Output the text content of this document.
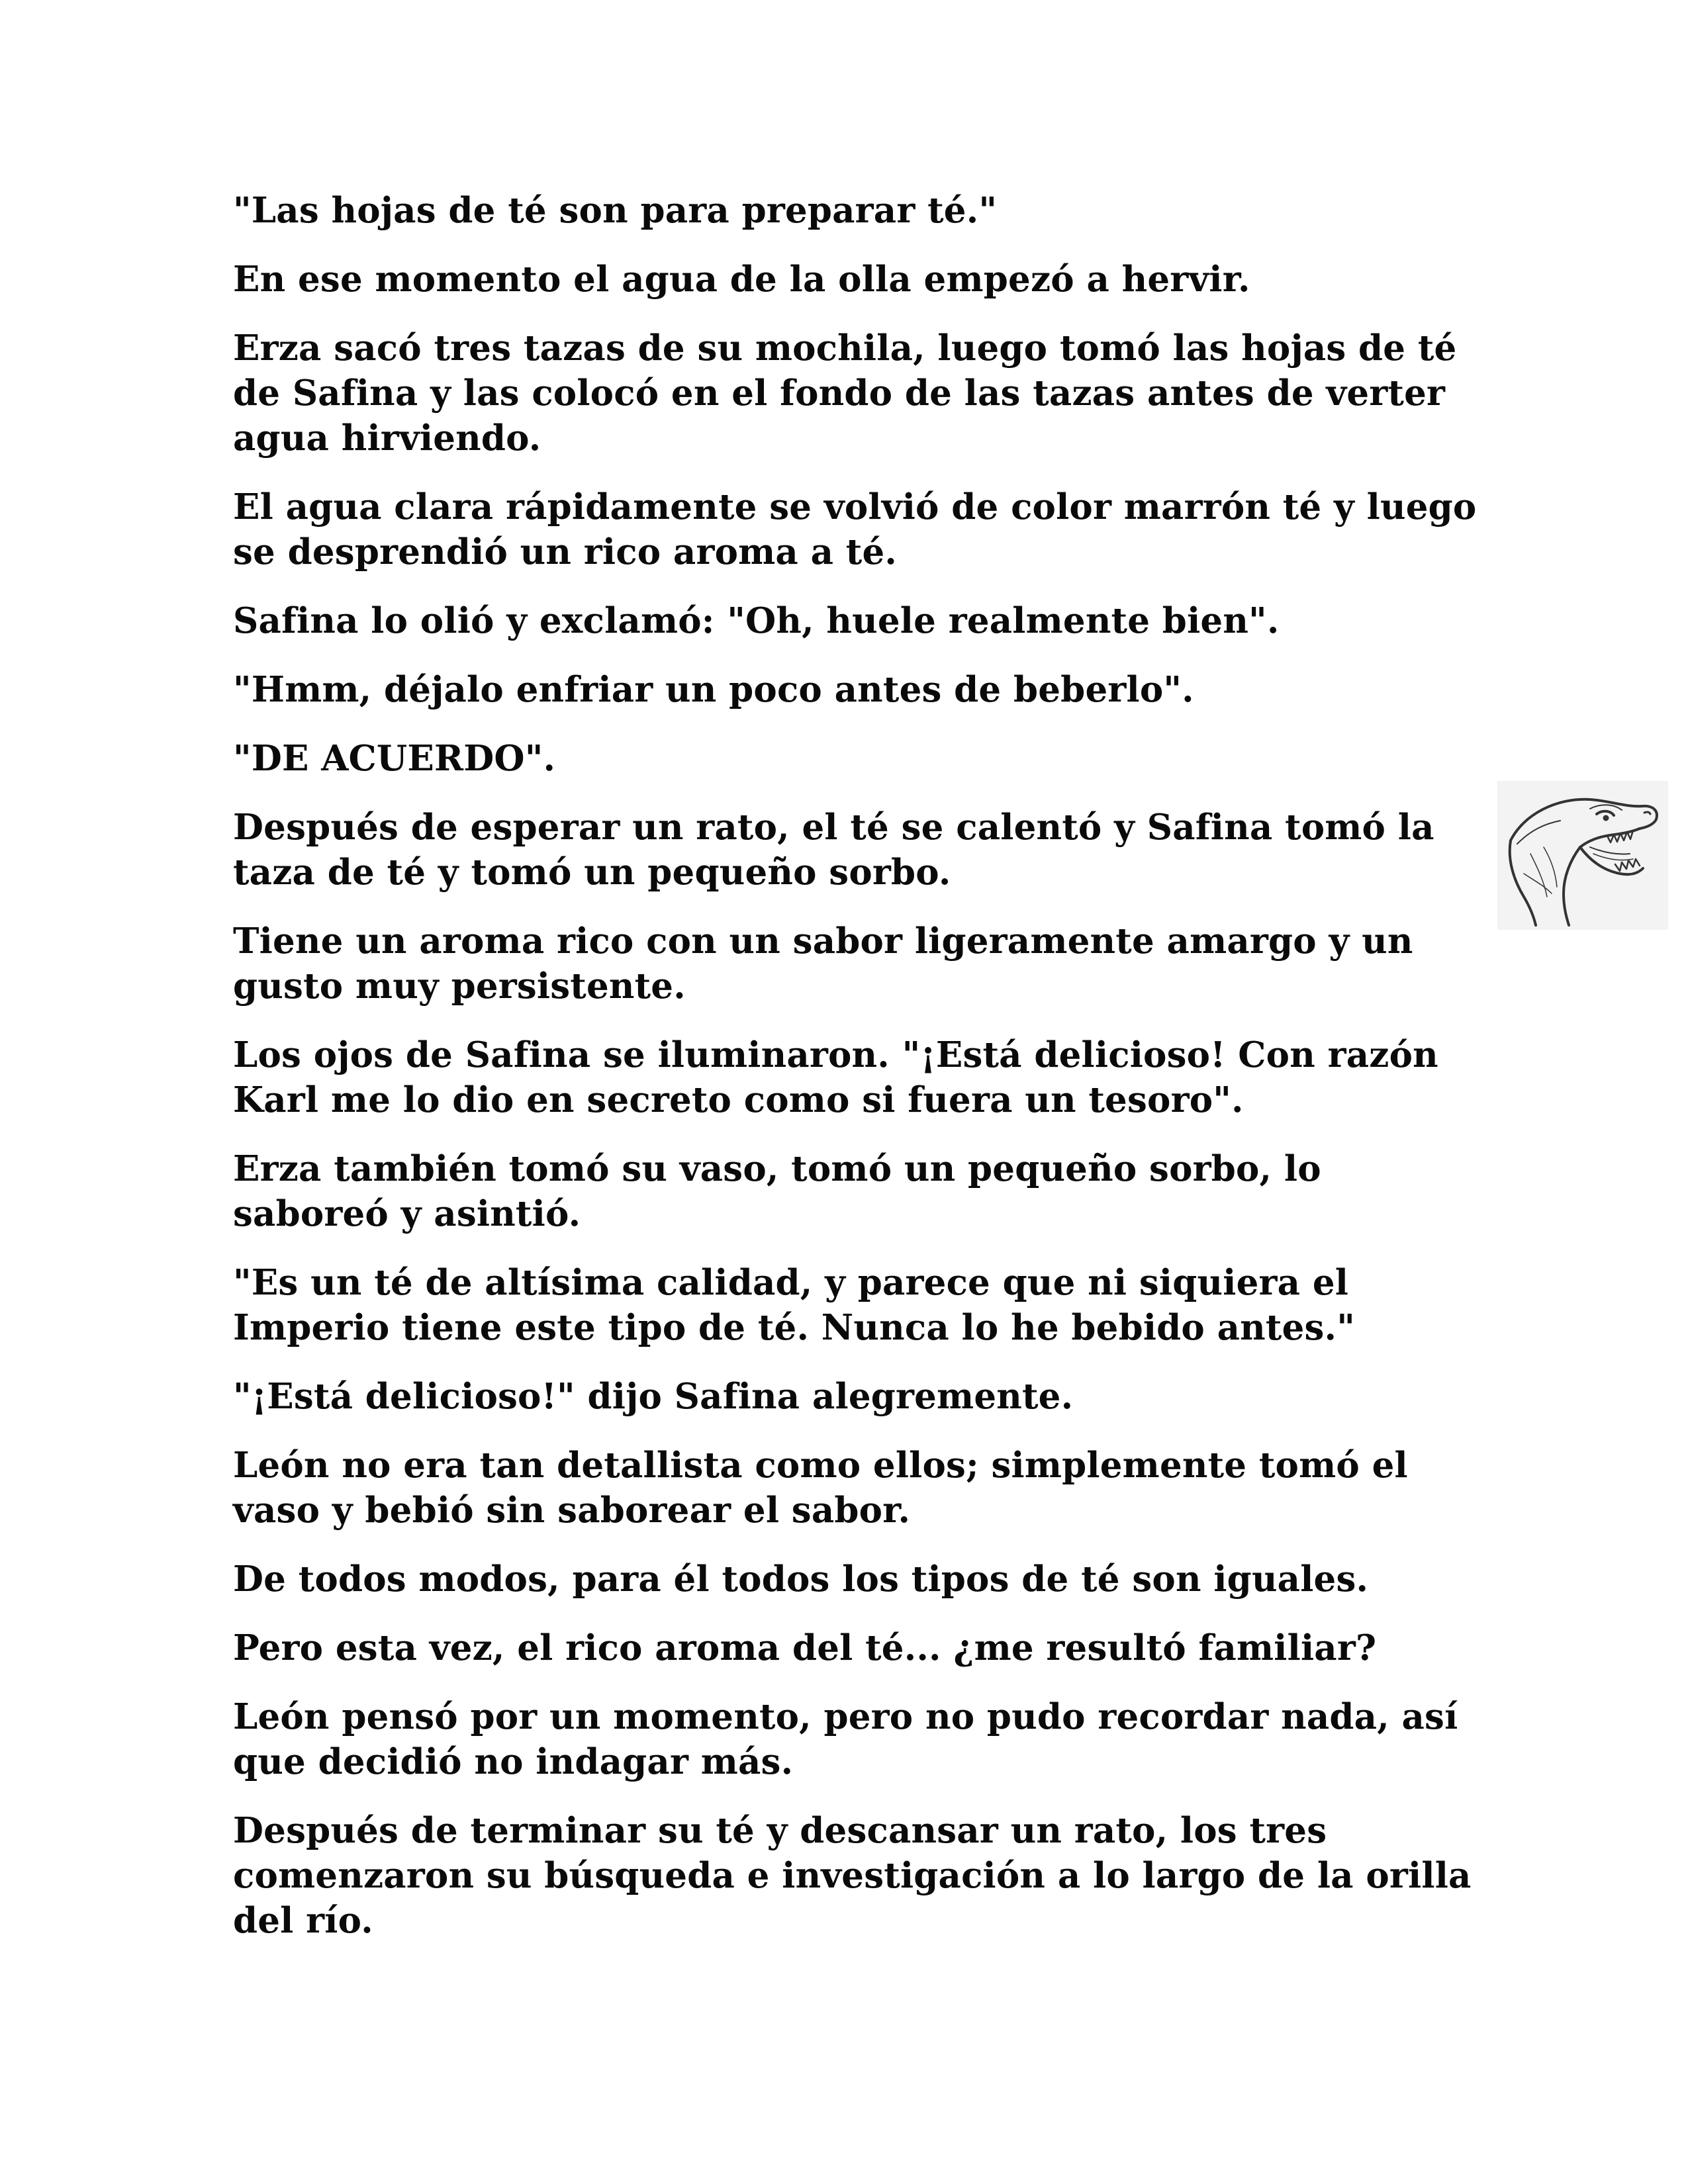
"Las hojas de té son para preparar té."

En ese momento el agua de la olla empezó a hervir.

Erza sacó tres tazas de su mochila, luego tomó las hojas de té de Safina y las colocó en el fondo de las tazas antes de verter agua hirviendo.

El agua clara rápidamente se volvió de color marrón té y luego se desprendió un rico aroma a té.

Safina lo olió y exclamó: "Oh, huele realmente bien".

"Hmm, déjalo enfriar un poco antes de beberlo".

"DE ACUERDO".

Después de esperar un rato, el té se calentó y Safina tomó la taza de té y tomó un pequeño sorbo.

Tiene un aroma rico con un sabor ligeramente amargo y un gusto muy persistente.

Los ojos de Safina se iluminaron. "¡Está delicioso! Con razón Karl me lo dio en secreto como si fuera un tesoro".

Erza también tomó su vaso, tomó un pequeño sorbo, lo saboreó y asintió.

"Es un té de altísima calidad, y parece que ni siquiera el Imperio tiene este tipo de té. Nunca lo he bebido antes."

"¡Está delicioso!" dijo Safina alegremente.

León no era tan detallista como ellos; simplemente tomó el vaso y bebió sin saborear el sabor.

De todos modos, para él todos los tipos de té son iguales.

Pero esta vez, el rico aroma del té... ¿me resultó familiar?

León pensó por un momento, pero no pudo recordar nada, así que decidió no indagar más.

Después de terminar su té y descansar un rato, los tres comenzaron su búsqueda e investigación a lo largo de la orilla del río.
